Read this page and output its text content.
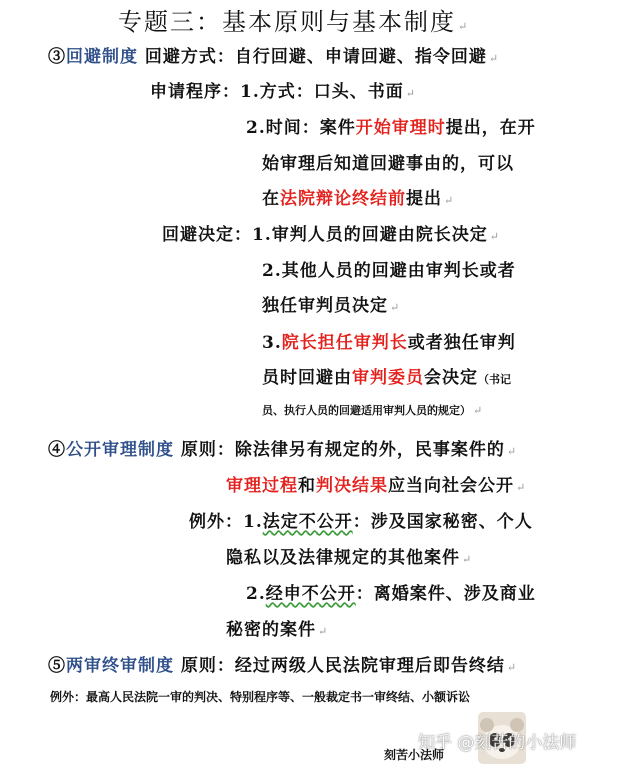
专题三：基本原则与基本制度 ↵
③回避制度 回避方式：自行回避、申请回避、指令回避 ↵
申请程序：1.方式：口头、书面 ↵
2.时间：案件开始审理时提出，在开
始审理后知道回避事由的，可以
在法院辩论终结前提出 ↵
回避决定：1.审判人员的回避由院长决定 ↵
2.其他人员的回避由审判长或者
独任审判员决定 ↵
3.院长担任审判长或者独任审判
员时回避由审判委员会决定（书记
员、执行人员的回避适用审判人员的规定） ↵
④公开审理制度 原则：除法律另有规定的外，民事案件的 ↵
审理过程和判决结果应当向社会公开 ↵
例外：1.法定不公开：涉及国家秘密、个人
隐私以及法律规定的其他案件 ↵
2.经申不公开：离婚案件、涉及商业
秘密的案件 ↵
⑤两审终审制度 原则：经过两级人民法院审理后即告终结 ↵
例外：最高人民法院一审的判决、特别程序等、一般裁定书一审终结、小额诉讼
知乎 @刻苦的小法师
刻苦小法师
